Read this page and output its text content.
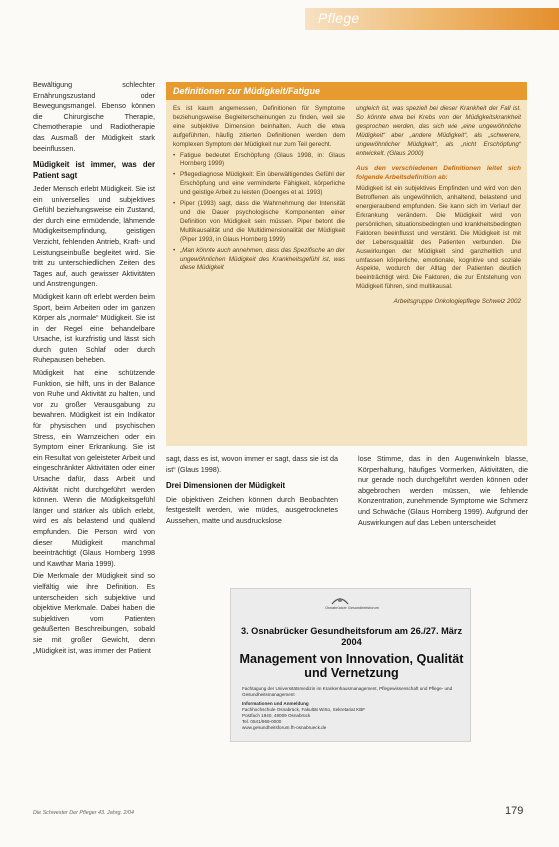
Pflege

Bewältigung schlechter Ernährungszustand oder Bewegungsmangel. Ebenso können die Chirurgische Therapie, Chemotherapie und Radiotherapie das Ausmaß der Müdigkeit stark beeinflussen.

Müdigkeit ist immer, was der Patient sagt

Jeder Mensch erlebt Müdigkeit. Sie ist ein universelles und subjektives Gefühl beziehungsweise ein Zustand, der durch eine ermüdende, lähmende Müdigkeitsempfindung, geistigen Verzicht, fehlenden Antrieb, Kraft- und Leistungseinbuße begleitet wird. Sie tritt zu unterschiedlichen Zeiten des Tages auf, auch gewisser Aktivitäten und Anstrengungen.

Müdigkeit kann oft erlebt werden beim Sport, beim Arbeiten oder im ganzen Körper als „normale“ Müdigkeit. Sie ist in der Regel eine behandelbare Ursache, ist kurzfristig und lässt sich durch guten Schlaf oder durch Ruhepausen beheben.

Müdigkeit hat eine schützende Funktion, sie hilft, uns in der Balance von Ruhe und Aktivität zu halten, und vor zu großer Verausgabung zu bewahren. Müdigkeit ist ein Indikator für physischen und psychischen Stress, ein Warnzeichen oder ein Symptom einer Erkrankung. Sie ist ein Resultat von geleisteter Arbeit und eingeschränkter Aktivitäten oder einer Ursache dafür, dass Arbeit und Aktivität nicht durchgeführt werden können. Wenn die Müdigkeitsgefühl länger und stärker als üblich erlebt, wird es als belastend und quälend empfunden. Die Person wird von dieser Müdigkeit manchmal beeinträchtigt (Glaus Hornberg 1998 und Kawthar Maria 1999).

Die Merkmale der Müdigkeit sind so vielfältig wie ihre Definition. Es unterscheiden sich subjektive und objektive Merkmale. Dabei haben die subjektiven vom Patienten geäußerten Beschreibungen, sobald sie mit großer Gewicht, denn „Müdigkeit ist, was immer der Patient

Definitionen zur Müdigkeit/Fatigue

Es ist kaum angemessen, Definitionen für Symptome beziehungsweise Begleiterscheinungen zu finden, weil sie eine subjektive Dimension beinhalten. Auch die etwa aufgeführten, häufig zitierten Definitionen werden dem komplexen Symptom der Müdigkeit nur zum Teil gerecht.

• Fatigue bedeutet Erschöpfung (Glaus 1998, in: Glaus Hornberg 1999)
• Pflegediagnose Müdigkeit: Ein überwältigendes Gefühl der Erschöpfung und eine verminderte Fähigkeit, körperliche und geistige Arbeit zu leisten (Doenges et al. 1993)
• Piper (1993) sagt, dass die Wahrnehmung der Intensität und die Dauer psychologische Komponenten einer Definition von Müdigkeit sein müssen. Piper betont die Multikausalität und die Multidimensionalität der Müdigkeit (Piper 1993, in Glaus Hornberg 1999)
• „Man könnte auch annehmen, dass das Spezifische an der ungewöhnlichen Müdigkeit des Krankheitsgefühl ist, was diese Müdigkeit

ungleich ist, was speziell bei dieser Krankheit der Fall ist. So könnte etwa bei Krebs von der Müdigkeitskrankheit gesprochen werden, das sich wie „eine ungewöhnliche Müdigkeit“ aber „andere Müdigkeit“, als „schwerere, ungewöhnlicher Müdigkeit“, als „nicht Erschöpfung“ entwickelt. (Glaus 2000)

Aus den verschiedenen Definitionen leitet sich folgende Arbeitsdefinition ab:

Müdigkeit ist ein subjektives Empfinden und wird von den Betroffenen als ungewöhnlich, anhaltend, belastend und energieraubend empfunden. Sie kann sich im Verlauf der Erkrankung verändern. Die Müdigkeit wird von persönlichen, situationsbedingten und krankheitsbedingten Faktoren beeinflusst und verstärkt. Die Müdigkeit ist mit der Lebensqualität des Patienten verbunden. Die Auswirkungen der Müdigkeit sind ganzheitlich und umfassen körperliche, emotionale, kognitive und soziale Aspekte, wodurch der Alltag der Patienten deutlich beeinträchtigt wird. Die Faktoren, die zur Entstehung von Müdigkeit führen, sind multikausal.

Arbeitsgruppe Onkologiepflege Schweiz 2002

sagt, dass es ist, wovon immer er sagt, dass sie ist da ist“ (Glaus 1998).

Drei Dimensionen der Müdigkeit

Die objektiven Zeichen können durch Beobachten festgestellt werden, wie müdes, ausgetrocknetes Aussehen, matte und ausdruckslose

lose Stimme, das in den Augenwinkeln blasse, Körperhaltung, häufiges Vormerken, Aktivitäten, die nur gerade noch durchgeführt werden können oder abgebrochen werden müssen, wie fehlende Konzentration, zunehmende Symptome wie Schmerz und Schwäche (Glaus Hornberg 1999). Aufgrund der Auswirkungen auf das Leben unterscheidet

Osnabrücker Gesundheitsforum
3. Osnabrücker Gesundheitsforum am 26./27. März 2004
Management von Innovation, Qualität und Vernetzung
Fachtagung der Universitätsmedizin im Krankenhausmanagement, Pflegewissenschaft und Pflege- und Gesundheitsmanagement
Informationen und Anmeldung
Fachhochschule Osnabrück, Fakultät WiSo, Sekretariat KBF
Postfach 1940, 49009 Osnabrück
Tel. 0541/969-0000
www.gesundheitsforum.fh-osnabrueck.de
Die Schwester Der Pfleger 43. Jahrg. 2/04	179
